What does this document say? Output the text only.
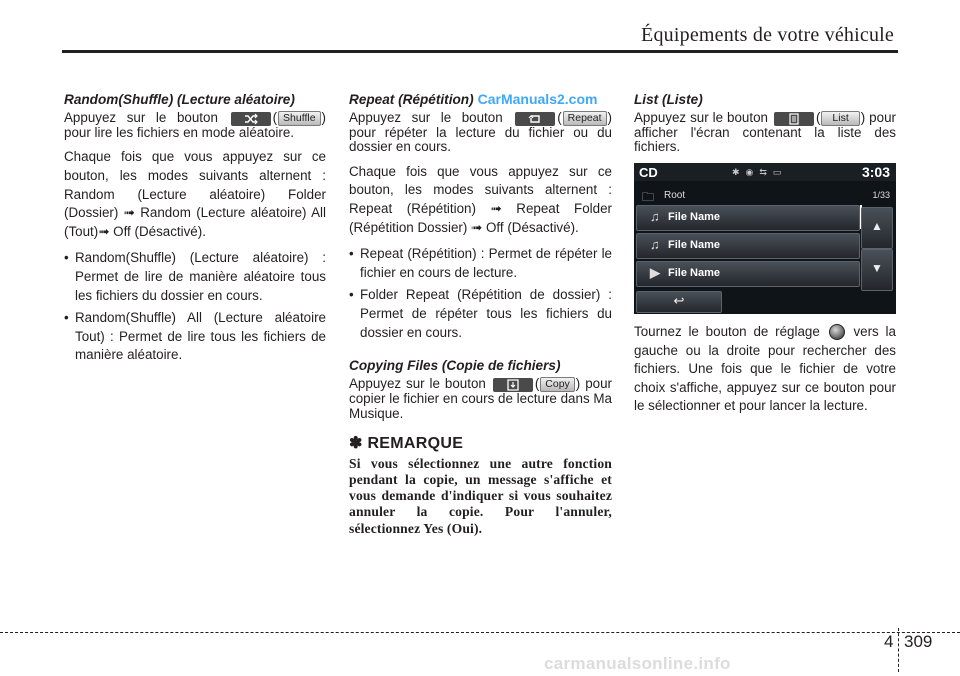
Équipements de votre véhicule
Random(Shuffle) (Lecture aléatoire)

Appuyez sur le bouton	( Shuffle ) pour lire les fichiers en mode aléatoire.

Chaque fois que vous appuyez sur ce bouton, les modes suivants alternent : Random (Lecture aléatoire) Folder (Dossier) ➟ Random (Lecture aléatoire) All (Tout)➟ Off (Désactivé).

• Random(Shuffle) (Lecture aléatoire) : Permet de lire de manière aléatoire tous les fichiers du dossier en cours.
• Random(Shuffle) All (Lecture aléatoire Tout) : Permet de lire tous les fichiers de manière aléatoire.
Repeat (Répétition) CarManuals2.com

Appuyez sur le bouton	( Repeat ) pour répéter la lecture du fichier ou du dossier en cours.

Chaque fois que vous appuyez sur ce bouton, les modes suivants alternent : Repeat (Répétition) ➟ Repeat Folder (Répétition Dossier) ➟ Off (Désactivé).

• Repeat (Répétition) : Permet de répéter le fichier en cours de lecture.
• Folder Repeat (Répétition de dossier) : Permet de répéter tous les fichiers du dossier en cours.
Copying Files (Copie de fichiers)

Appuyez sur le bouton	( Copy ) pour copier le fichier en cours de lecture dans Ma Musique.

✽ REMARQUE
Si vous sélectionnez une autre fonction pendant la copie, un message s'affiche et vous demande d'indiquer si vous souhaitez annuler la copie. Pour l'annuler, sélectionnez Yes (Oui).
List (Liste)

Appuyez sur le bouton	( List ) pour afficher l'écran contenant la liste des fichiers.

CD	✱◉⇆▭	3:03
🗀 Root	1/33
♫ File Name
♫ File Name
▶ File Name
▲
▼
↩

Tournez le bouton de réglage	vers la gauche ou la droite pour rechercher des fichiers. Une fois que le fichier de votre choix s'affiche, appuyez sur ce bouton pour le sélectionner et pour lancer la lecture.

4 309
carmanualsonline.info
